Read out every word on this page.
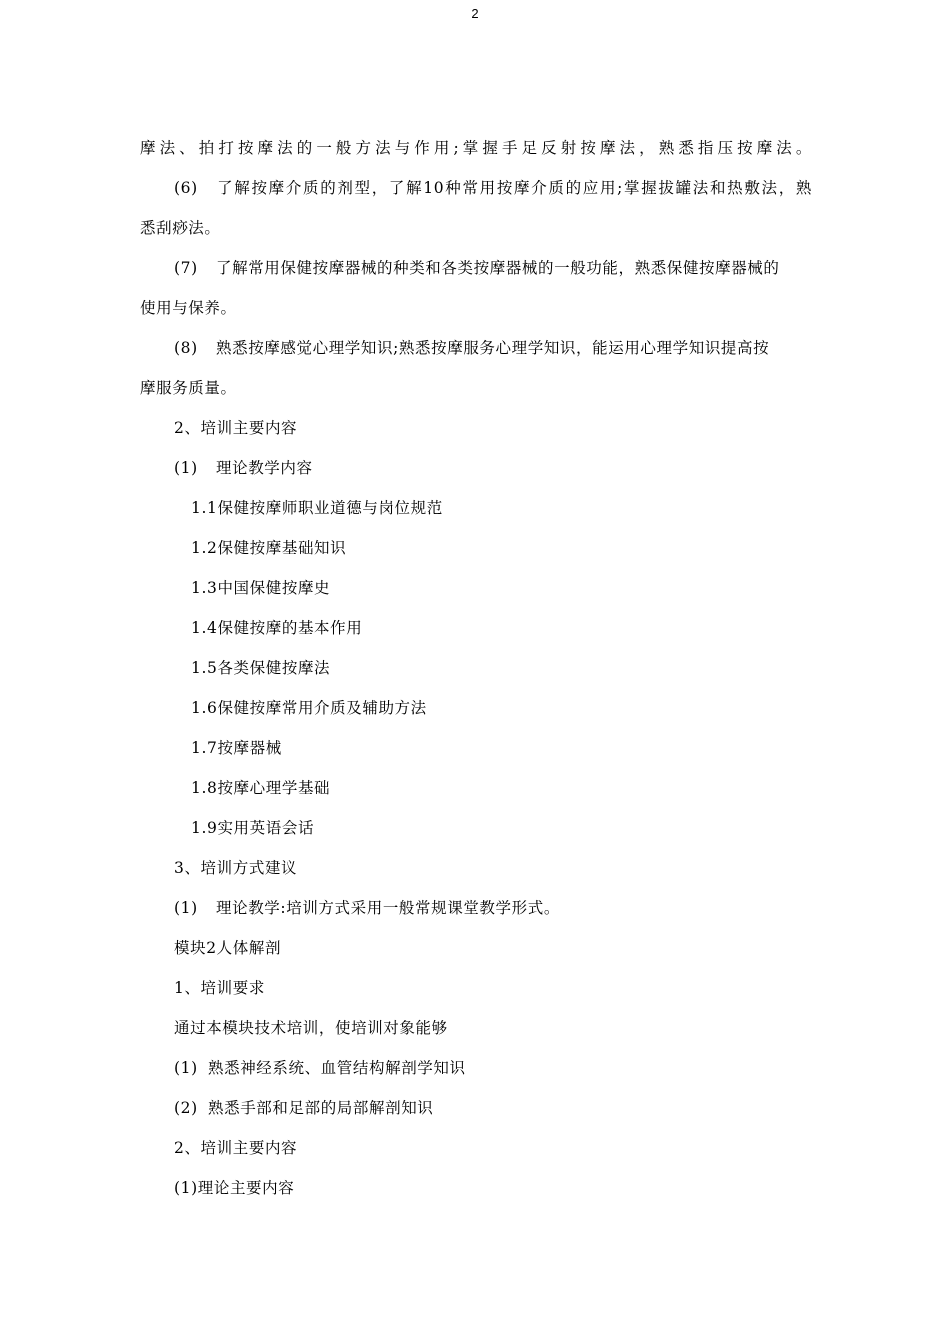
2
摩法、拍打按摩法的一般方法与作用;掌握手足反射按摩法，熟悉指压按摩法。
(6) 了解按摩介质的剂型，了解10种常用按摩介质的应用;掌握拔罐法和热敷法，熟
悉刮痧法。
(7) 了解常用保健按摩器械的种类和各类按摩器械的一般功能，熟悉保健按摩器械的
使用与保养。
(8) 熟悉按摩感觉心理学知识;熟悉按摩服务心理学知识，能运用心理学知识提高按
摩服务质量。
2、培训主要内容
(1) 理论教学内容
1.1保健按摩师职业道德与岗位规范
1.2保健按摩基础知识
1.3中国保健按摩史
1.4保健按摩的基本作用
1.5各类保健按摩法
1.6保健按摩常用介质及辅助方法
1.7按摩器械
1.8按摩心理学基础
1.9实用英语会话
3、培训方式建议
(1) 理论教学:培训方式采用一般常规课堂教学形式。
模块2人体解剖
1、培训要求
通过本模块技术培训，使培训对象能够
(1) 熟悉神经系统、血管结构解剖学知识
(2) 熟悉手部和足部的局部解剖知识
2、培训主要内容
(1)理论主要内容
